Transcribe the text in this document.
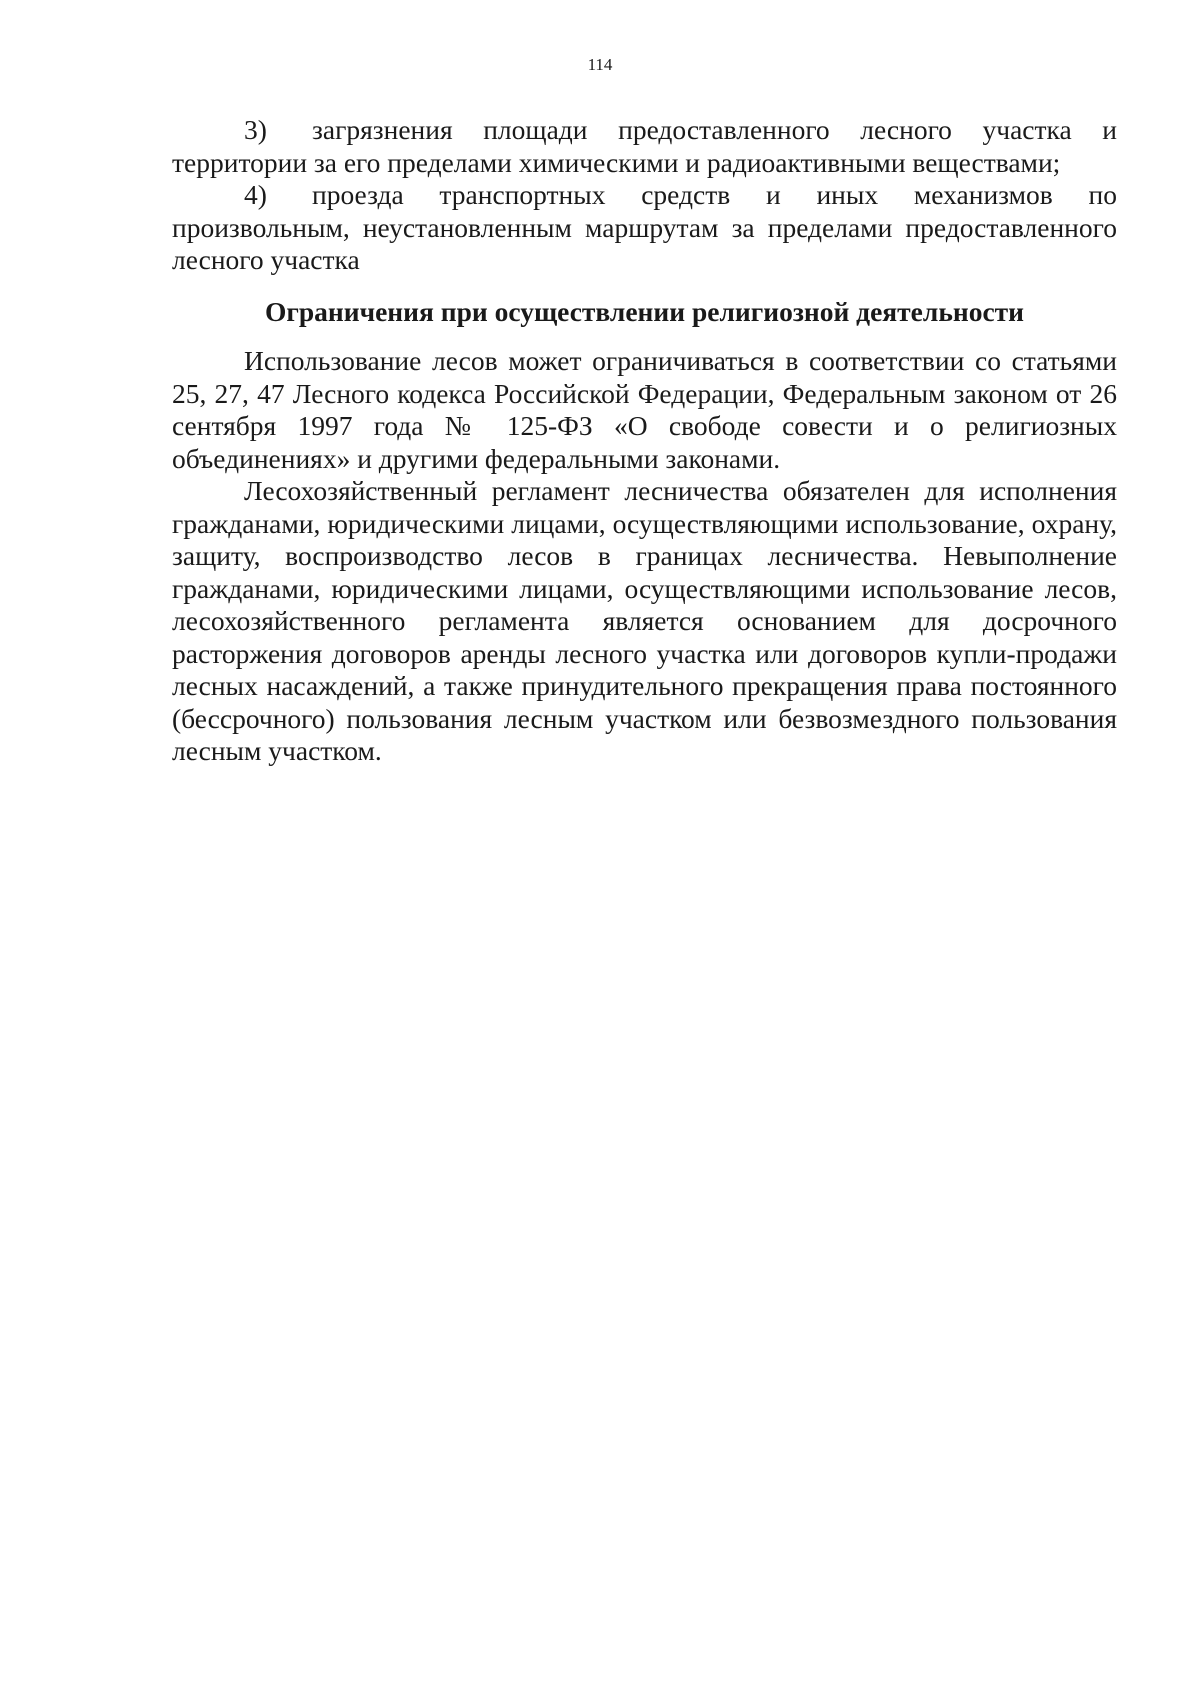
114

3) загрязнения площади предоставленного лесного участка и территории за его пределами химическими и радиоактивными веществами;

4) проезда транспортных средств и иных механизмов по произвольным, неустановленным маршрутам за пределами предоставленного лесного участка

Ограничения при осуществлении религиозной деятельности

Использование лесов может ограничиваться в соответствии со статьями 25, 27, 47 Лесного кодекса Российской Федерации, Федеральным законом от 26 сентября 1997 года № 125-ФЗ «О свободе совести и о религиозных объединениях» и другими федеральными законами.

Лесохозяйственный регламент лесничества обязателен для исполнения гражданами, юридическими лицами, осуществляющими использование, охрану, защиту, воспроизводство лесов в границах лесничества. Невыполнение гражданами, юридическими лицами, осуществляющими использование лесов, лесохозяйственного регламента является основанием для досрочного расторжения договоров аренды лесного участка или договоров купли-продажи лесных насаждений, а также принудительного прекращения права постоянного (бессрочного) пользования лесным участком или безвозмездного пользования лесным участком.
